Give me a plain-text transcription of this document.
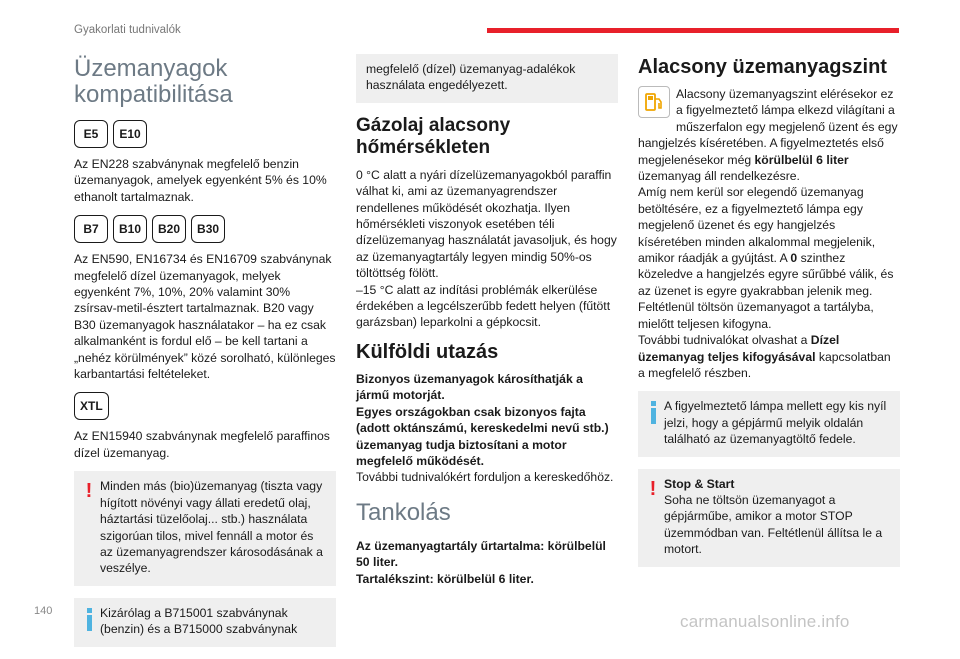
Gyakorlati tudnivalók
Üzemanyagok kompatibilitása
E5	E10

Az EN228 szabványnak megfelelő benzin üzemanyagok, amelyek egyenként 5% és 10% ethanolt tartalmaznak.

B7	B10	B20	B30

Az EN590, EN16734 és EN16709 szabványnak megfelelő dízel üzemanyagok, melyek egyenként 7%, 10%, 20% valamint 30% zsírsav-metil-észtert tartalmaznak. B20 vagy B30 üzemanyagok használatakor – ha ez csak alkalmanként is fordul elő – be kell tartani a „nehéz körülmények” közé sorolható, különleges karbantartási feltételeket.

XTL

Az EN15940 szabványnak megfelelő paraffinos dízel üzemanyag.

! Minden más (bio)üzemanyag (tiszta vagy hígított növényi vagy állati eredetű olaj, háztartási tüzelőolaj... stb.) használata szigorúan tilos, mivel fennáll a motor és az üzemanyagrendszer károsodásának a veszélye.
Kizárólag a B715001 szabványnak (benzin) és a B715000 szabványnak
megfelelő (dízel) üzemanyag-adalékok használata engedélyezett.
Gázolaj alacsony hőmérsékleten

0 °C alatt a nyári dízelüzemanyagokból paraffin válhat ki, ami az üzemanyagrendszer rendellenes működését okozhatja. Ilyen hőmérsékleti viszonyok esetében téli dízelüzemanyag használatát javasoljuk, és hogy az üzemanyagtartály legyen mindig 50%-os töltöttség fölött.

–15 °C alatt az indítási problémák elkerülése érdekében a legcélszerűbb fedett helyen (fűtött garázsban) leparkolni a gépkocsit.

Külföldi utazás

Bizonyos üzemanyagok károsíthatják a jármű motorját.
Egyes országokban csak bizonyos fajta (adott oktánszámú, kereskedelmi nevű stb.) üzemanyag tudja biztosítani a motor megfelelő működését.

További tudnivalókért forduljon a kereskedőhöz.

Tankolás

Az üzemanyagtartály űrtartalma: körülbelül 50 liter.

Tartalékszint: körülbelül 6 liter.

Alacsony üzemanyagszint

Alacsony üzemanyagszint elérésekor ez a figyelmeztető lámpa elkezd világítani a műszerfalon egy megjelenő üzent és egy hangjelzés kíséretében. A figyelmeztetés első megjelenésekor még körülbelül 6 liter üzemanyag áll rendelkezésre.

Amíg nem kerül sor elegendő üzemanyag betöltésére, ez a figyelmeztető lámpa egy megjelenő üzenet és egy hangjelzés kíséretében minden alkalommal megjelenik, amikor ráadják a gyújtást. A 0 szinthez közeledve a hangjelzés egyre sűrűbbé válik, és az üzenet is egyre gyakrabban jelenik meg.

Feltétlenül töltsön üzemanyagot a tartályba, mielőtt teljesen kifogyna.

További tudnivalókat olvashat a Dízel üzemanyag teljes kifogyásával kapcsolatban a megfelelő részben.

A figyelmeztető lámpa mellett egy kis nyíl jelzi, hogy a gépjármű melyik oldalán található az üzemanyagtöltő fedele.
! Stop & Start
Soha ne töltsön üzemanyagot a gépjárműbe, amikor a motor STOP üzemmódban van. Feltétlenül állítsa le a motort.
140
carmanualsonline.info
